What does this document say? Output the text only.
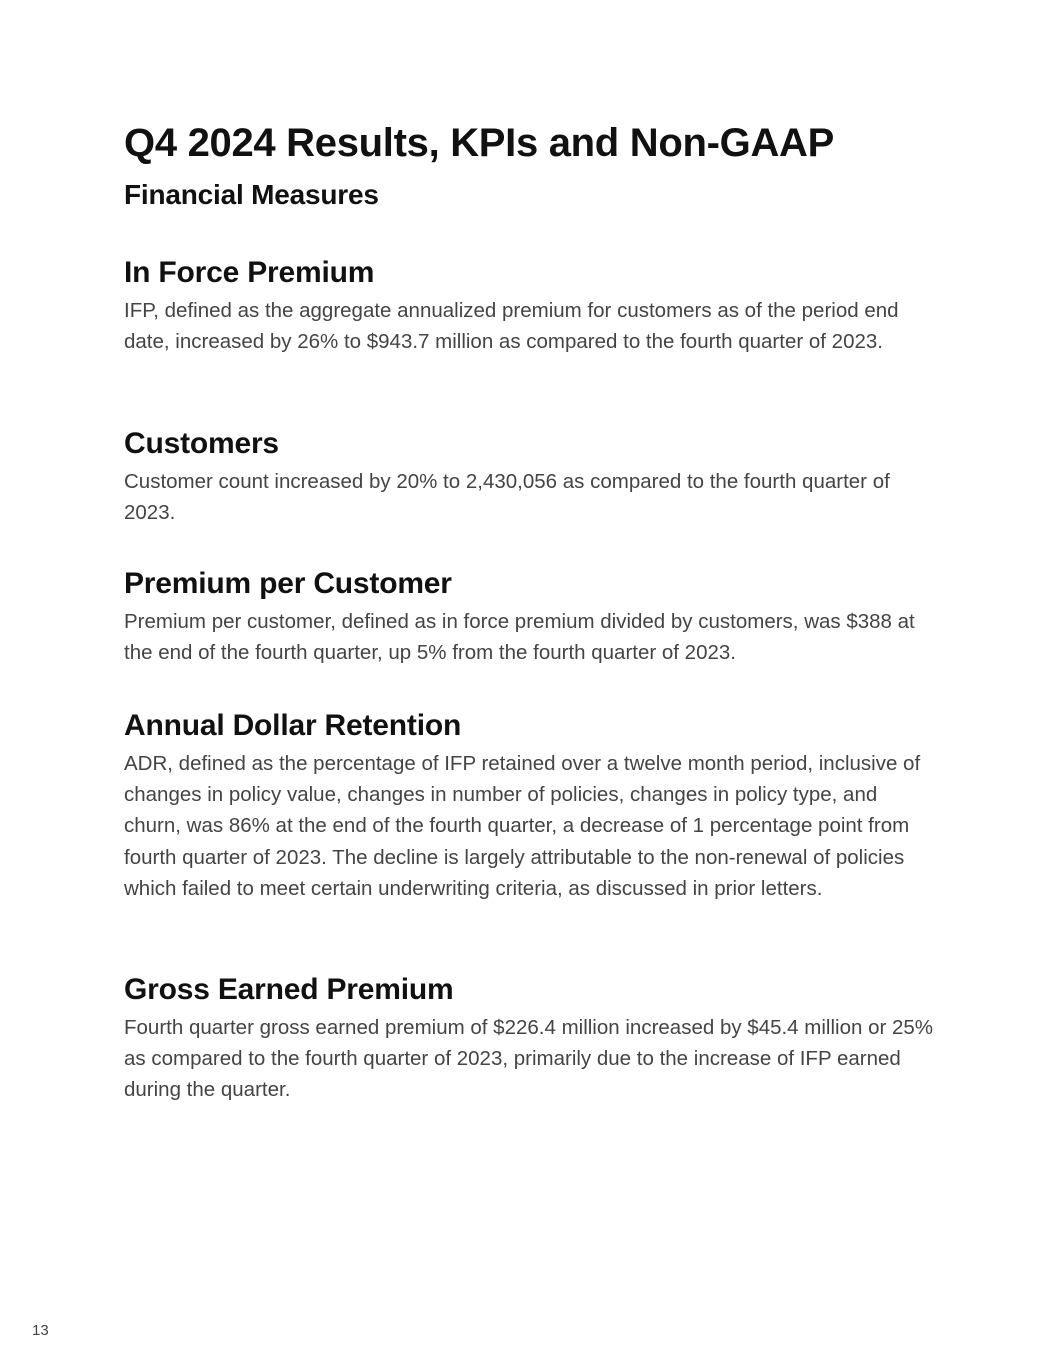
Q4 2024 Results, KPIs and Non-GAAP
Financial Measures
In Force Premium

IFP, defined as the aggregate annualized premium for customers as of the period end date, increased by 26% to $943.7 million as compared to the fourth quarter of 2023.

Customers

Customer count increased by 20% to 2,430,056 as compared to the fourth quarter of 2023.

Premium per Customer

Premium per customer, defined as in force premium divided by customers, was $388 at the end of the fourth quarter, up 5% from the fourth quarter of 2023.

Annual Dollar Retention

ADR, defined as the percentage of IFP retained over a twelve month period, inclusive of changes in policy value, changes in number of policies, changes in policy type, and churn, was 86% at the end of the fourth quarter, a decrease of 1 percentage point from fourth quarter of 2023. The decline is largely attributable to the non-renewal of policies which failed to meet certain underwriting criteria, as discussed in prior letters.

Gross Earned Premium

Fourth quarter gross earned premium of $226.4 million increased by $45.4 million or 25% as compared to the fourth quarter of 2023, primarily due to the increase of IFP earned during the quarter.

13
